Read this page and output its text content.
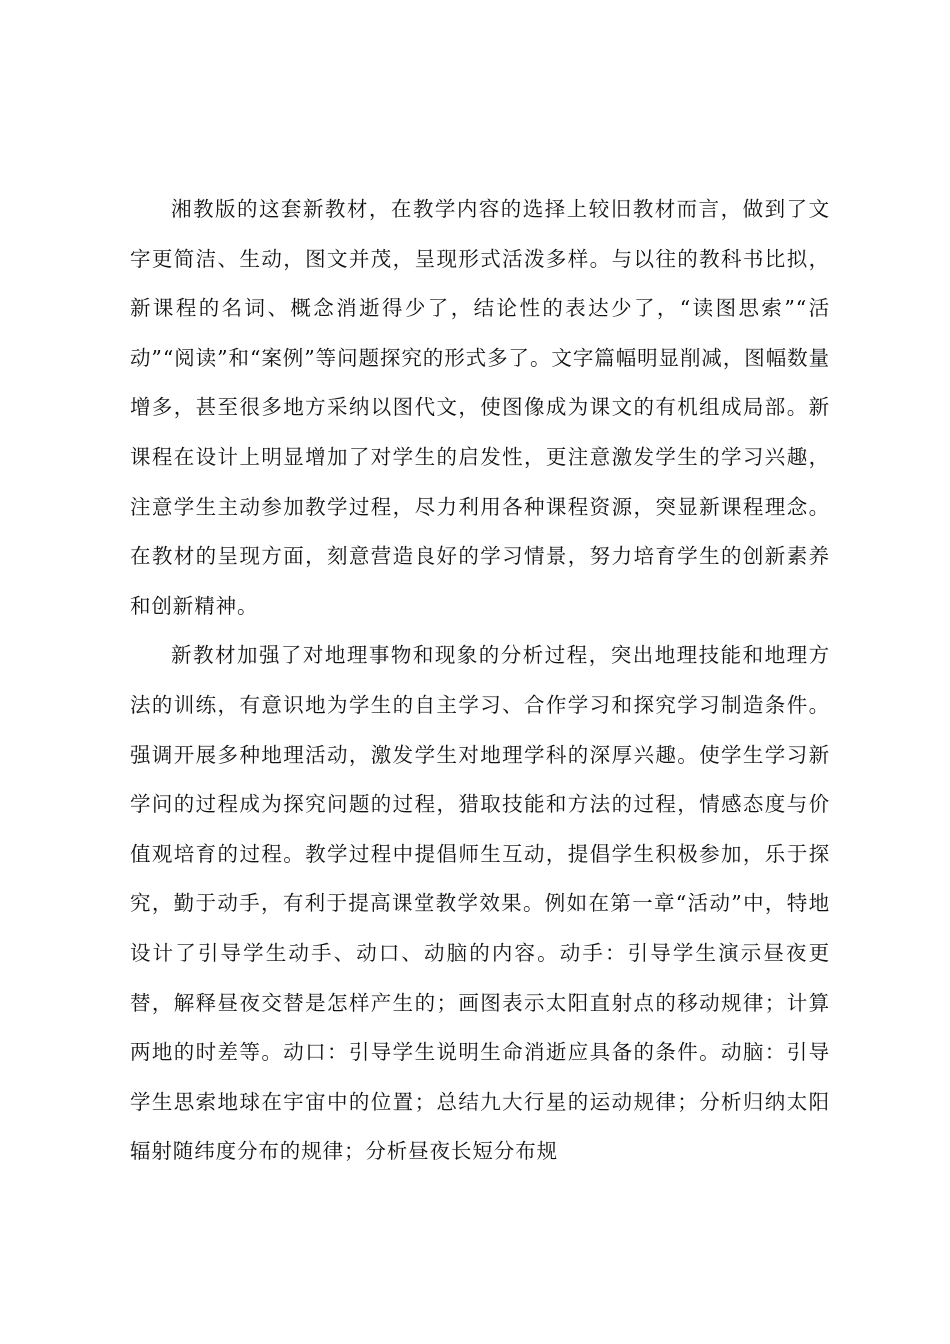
湘教版的这套新教材，在教学内容的选择上较旧教材而言，做到了文字更简洁、生动，图文并茂，呈现形式活泼多样。与以往的教科书比拟，新课程的名词、概念消逝得少了，结论性的表达少了，“读图思索”“活动”“阅读”和“案例”等问题探究的形式多了。文字篇幅明显削减，图幅数量增多，甚至很多地方采纳以图代文，使图像成为课文的有机组成局部。新课程在设计上明显增加了对学生的启发性，更注意激发学生的学习兴趣，注意学生主动参加教学过程，尽力利用各种课程资源，突显新课程理念。在教材的呈现方面，刻意营造良好的学习情景，努力培育学生的创新素养和创新精神。

新教材加强了对地理事物和现象的分析过程，突出地理技能和地理方法的训练，有意识地为学生的自主学习、合作学习和探究学习制造条件。强调开展多种地理活动，激发学生对地理学科的深厚兴趣。使学生学习新学问的过程成为探究问题的过程，猎取技能和方法的过程，情感态度与价值观培育的过程。教学过程中提倡师生互动，提倡学生积极参加，乐于探究，勤于动手，有利于提高课堂教学效果。例如在第一章“活动”中，特地设计了引导学生动手、动口、动脑的内容。动手：引导学生演示昼夜更替，解释昼夜交替是怎样产生的；画图表示太阳直射点的移动规律；计算两地的时差等。动口：引导学生说明生命消逝应具备的条件。动脑：引导学生思索地球在宇宙中的位置；总结九大行星的运动规律；分析归纳太阳辐射随纬度分布的规律；分析昼夜长短分布规
